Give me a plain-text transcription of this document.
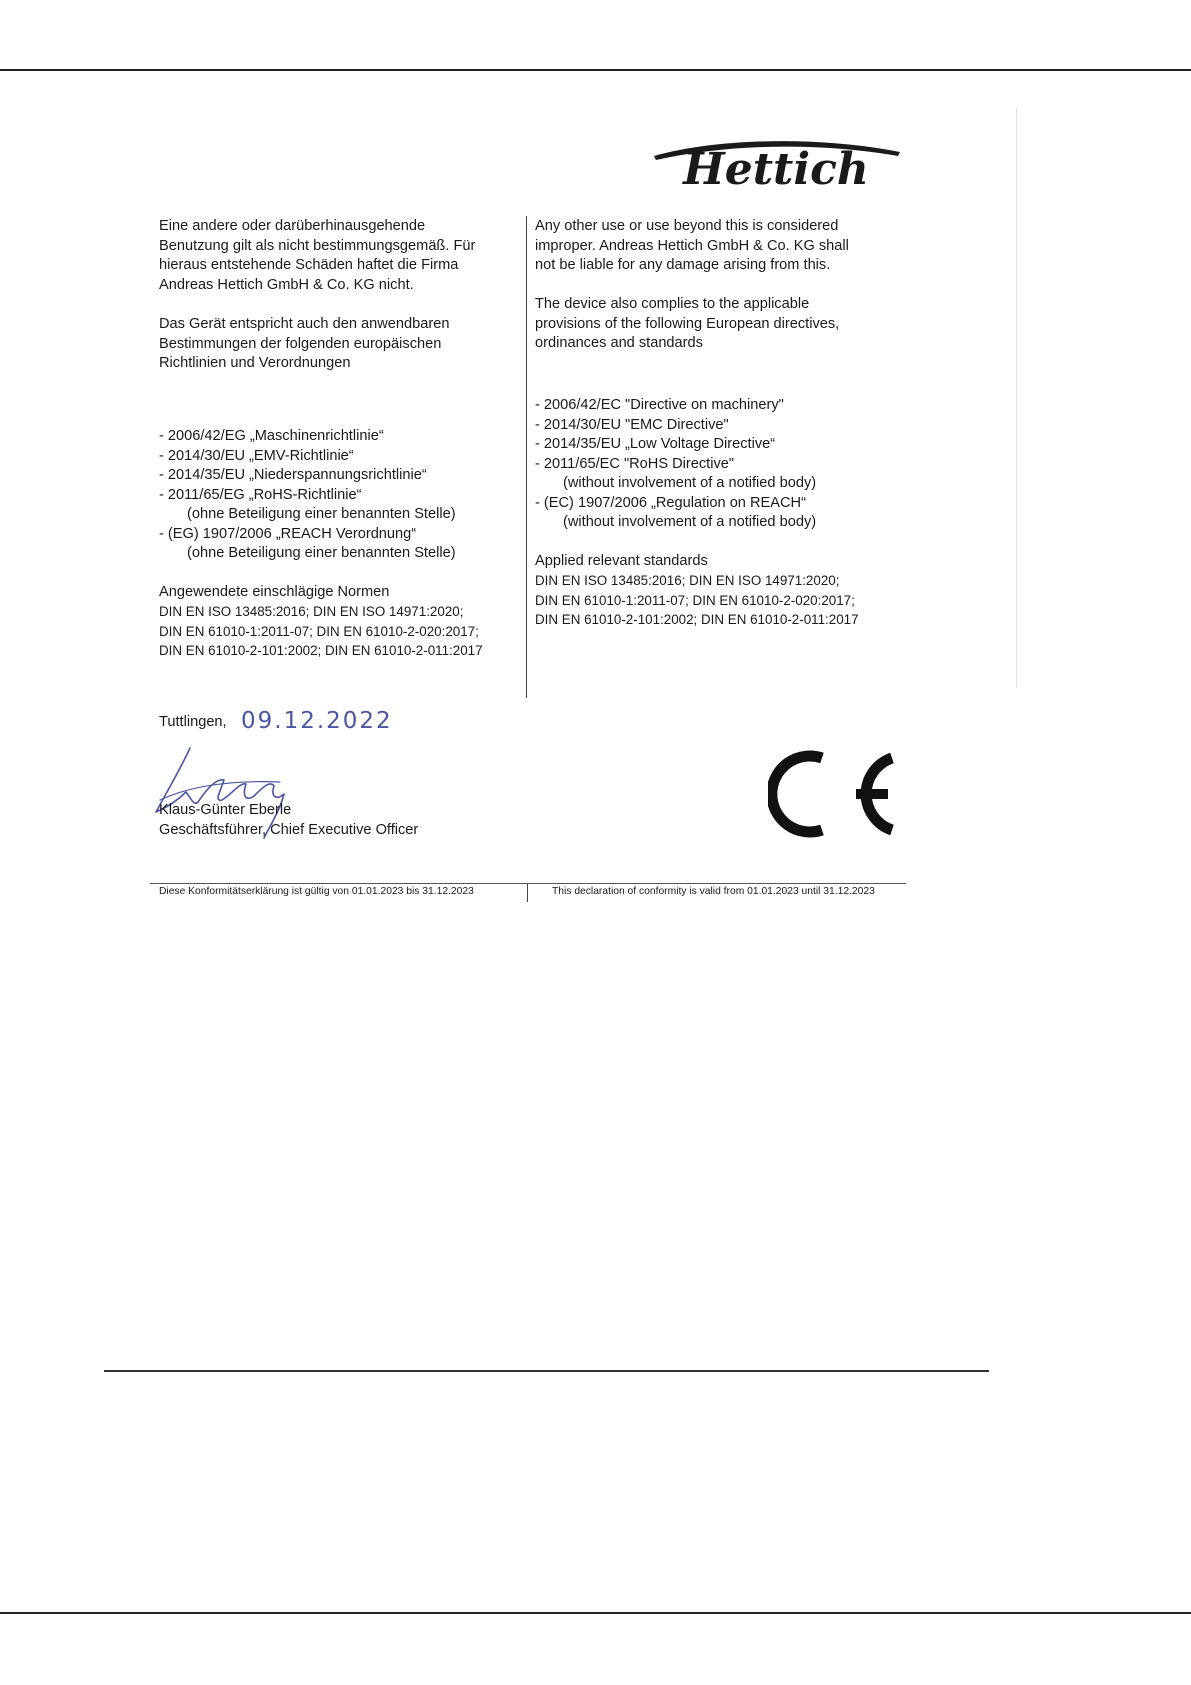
Hettich

Eine andere oder darüberhinausgehende
Benutzung gilt als nicht bestimmungsgemäß. Für
hieraus entstehende Schäden haftet die Firma
Andreas Hettich GmbH & Co. KG nicht.

Das Gerät entspricht auch den anwendbaren
Bestimmungen der folgenden europäischen
Richtlinien und Verordnungen

- 2006/42/EG „Maschinenrichtlinie“
- 2014/30/EU „EMV-Richtlinie“
- 2014/35/EU „Niederspannungsrichtlinie“
- 2011/65/EG „RoHS-Richtlinie“
(ohne Beteiligung einer benannten Stelle)
- (EG) 1907/2006 „REACH Verordnung“
(ohne Beteiligung einer benannten Stelle)
Angewendete einschlägige Normen
DIN EN ISO 13485:2016; DIN EN ISO 14971:2020;
DIN EN 61010-1:2011-07; DIN EN 61010-2-020:2017;
DIN EN 61010-2-101:2002; DIN EN 61010-2-011:2017

Any other use or use beyond this is considered
improper. Andreas Hettich GmbH & Co. KG shall
not be liable for any damage arising from this.

The device also complies to the applicable
provisions of the following European directives,
ordinances and standards

- 2006/42/EC "Directive on machinery"
- 2014/30/EU "EMC Directive"
- 2014/35/EU „Low Voltage Directive“
- 2011/65/EC "RoHS Directive"
(without involvement of a notified body)
- (EC) 1907/2006 „Regulation on REACH“
(without involvement of a notified body)
Applied relevant standards
DIN EN ISO 13485:2016; DIN EN ISO 14971:2020;
DIN EN 61010-1:2011-07; DIN EN 61010-2-020:2017;
DIN EN 61010-2-101:2002; DIN EN 61010-2-011:2017
Tuttlingen, 09.12.2022
Klaus-Günter Eberle
Geschäftsführer, Chief Executive Officer
Diese Konformitätserklärung ist gültig von 01.01.2023 bis 31.12.2023	This declaration of conformity is valid from 01.01.2023 until 31.12.2023
